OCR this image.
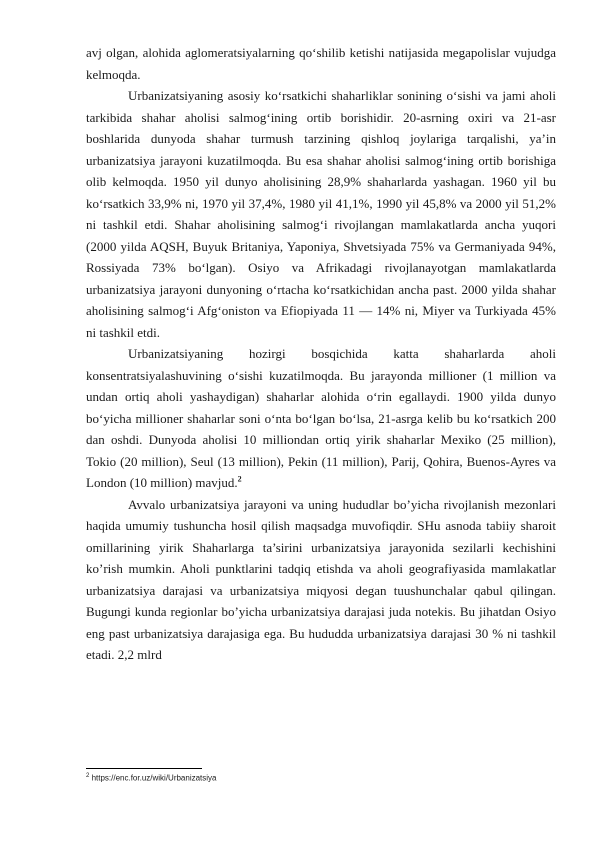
avj olgan, alohida aglomeratsiyalarning qo‘shilib ketishi natijasida megapolislar vujudga kelmoqda.

Urbanizatsiyaning asosiy ko‘rsatkichi shaharliklar sonining o‘sishi va jami aholi tarkibida shahar aholisi salmog‘ining ortib borishidir. 20-asrning oxiri va 21-asr boshlarida dunyoda shahar turmush tarzining qishloq joylariga tarqalishi, ya’in urbanizatsiya jarayoni kuzatilmoqda. Bu esa shahar aholisi salmog‘ining ortib borishiga olib kelmoqda. 1950 yil dunyo aholisining 28,9% shaharlarda yashagan. 1960 yil bu ko‘rsatkich 33,9% ni, 1970 yil 37,4%, 1980 yil 41,1%, 1990 yil 45,8% va 2000 yil 51,2% ni tashkil etdi. Shahar aholisining salmog‘i rivojlangan mamlakatlarda ancha yuqori (2000 yilda AQSH, Buyuk Britaniya, Yaponiya, Shvetsiyada 75% va Germaniyada 94%, Rossiyada 73% bo‘lgan). Osiyo va Afrikadagi rivojlanayotgan mamlakatlarda urbanizatsiya jarayoni dunyoning o‘rtacha ko‘rsatkichidan ancha past. 2000 yilda shahar aholisining salmog‘i Afg‘oniston va Efiopiyada 11 — 14% ni, Miyer va Turkiyada 45% ni tashkil etdi.

Urbanizatsiyaning hozirgi bosqichida katta shaharlarda aholi konsentratsiyalashuvining o‘sishi kuzatilmoqda. Bu jarayonda millioner (1 million va undan ortiq aholi yashaydigan) shaharlar alohida o‘rin egallaydi. 1900 yilda dunyo bo‘yicha millioner shaharlar soni o‘nta bo‘lgan bo‘lsa, 21-asrga kelib bu ko‘rsatkich 200 dan oshdi. Dunyoda aholisi 10 milliondan ortiq yirik shaharlar Mexiko (25 million), Tokio (20 million), Seul (13 million), Pekin (11 million), Parij, Qohira, Buenos-Ayres va London (10 million) mavjud.$^2$

Avvalo urbanizatsiya jarayoni va uning hududlar bo’yicha rivojlanish mezonlari haqida umumiy tushuncha hosil qilish maqsadga muvofiqdir. SHu asnoda tabiiy sharoit omillarining yirik Shaharlarga ta’sirini urbanizatsiya jarayonida sezilarli kechishini ko’rish mumkin. Aholi punktlarini tadqiq etishda va aholi geografiyasida mamlakatlar urbanizatsiya darajasi va urbanizatsiya miqyosi degan tuushunchalar qabul qilingan. Bugungi kunda regionlar bo’yicha urbanizatsiya darajasi juda notekis. Bu jihatdan Osiyo eng past urbanizatsiya darajasiga ega. Bu hududda urbanizatsiya darajasi 30 % ni tashkil etadi. 2,2 mlrd

$^2$ https://enc.for.uz/wiki/Urbanizatsiya
